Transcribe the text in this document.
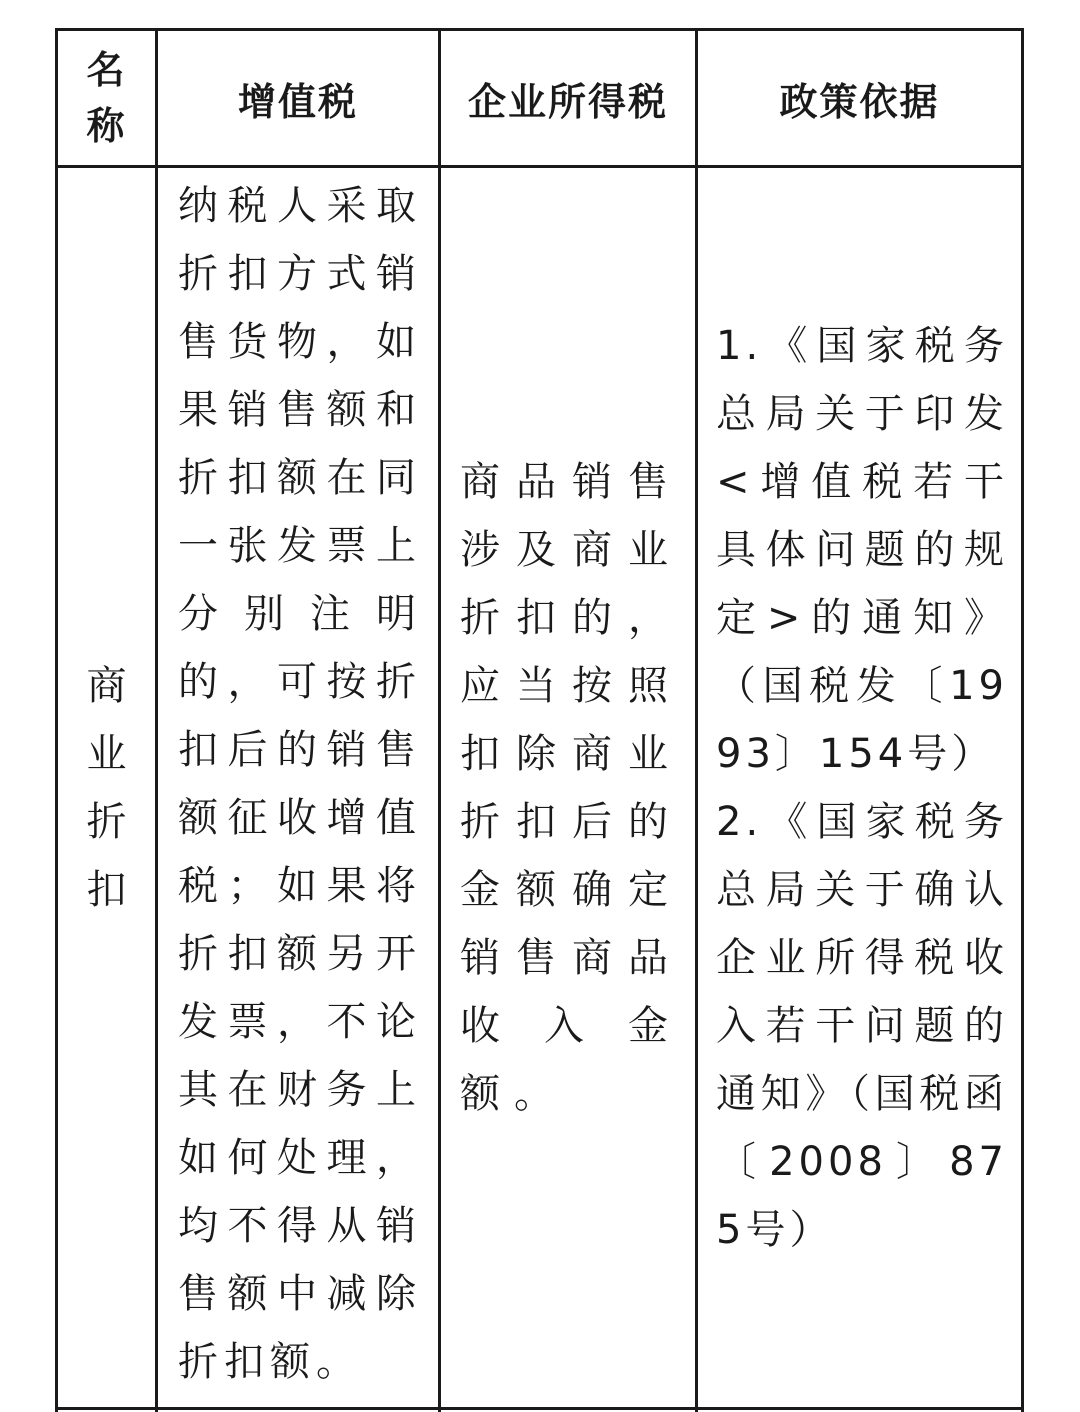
名称
增值税	企业所得税	政策依据
商业折扣
纳税人采取折扣方式销售货物，如果销售额和折扣额在同一张发票上分别注明的，可按折扣后的销售额征收增值税；如果将折扣额另开发票，不论其在财务上如何处理，均不得从销售额中减除折扣额。
商品销售涉及商业折扣的，应当按照扣除商业折扣后的金额确定销售商品收入金额。
1.《国家税务总局关于印发<增值税若干具体问题的规定>的通知》（国税发〔1993〕154号）
2.《国家税务总局关于确认企业所得税收入若干问题的通知》（国税函〔2008〕875号）
